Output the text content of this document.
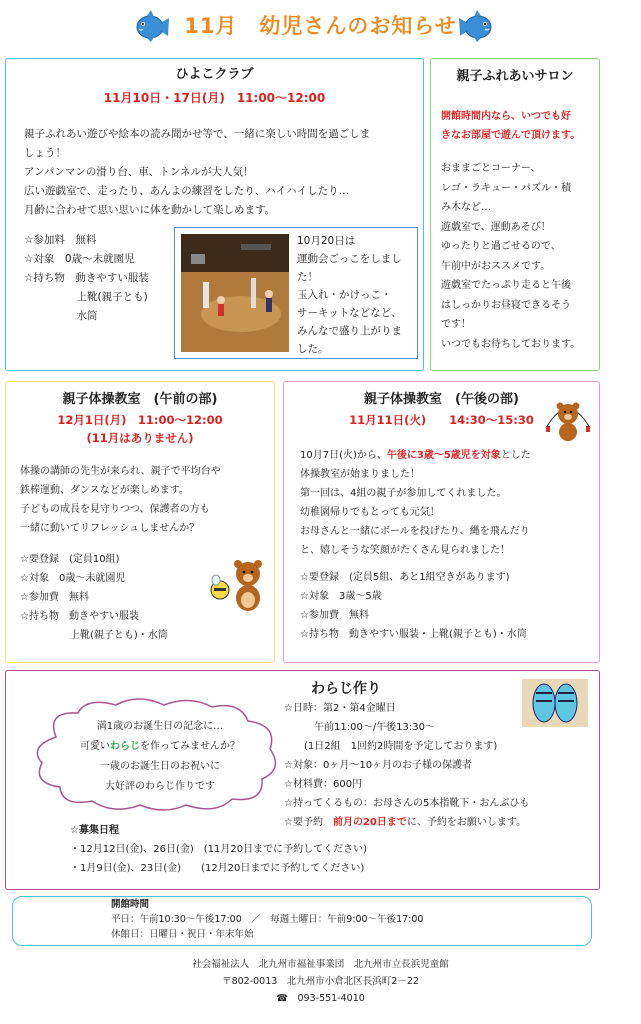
11月　幼児さんのお知らせ
ひよこクラブ
11月10日・17日(月)　11:00〜12:00

親子ふれあい遊びや絵本の読み聞かせ等で、一緒に楽しい時間を過ごしま

しょう！

アンパンマンの滑り台、車、トンネルが大人気！

広い遊戯室で、走ったり、あんよの練習をしたり、ハイハイしたり…

月齢に合わせて思い思いに体を動かして楽しめます。

☆参加料　無料

☆対象　0歳〜未就園児

☆持ち物　動きやすい服装

　　　　　上靴(親子とも)

　　　　　水筒

10月20日は

運動会ごっこをしまし

た！

玉入れ・かけっこ・

サーキットなどなど、

みんなで盛り上がりま

した。

親子ふれあいサロン

開館時間内なら、いつでも好

きなお部屋で遊んで頂けます。

おままごとコーナー、

レゴ・ラキュー・パズル・積

み木など…

遊戯室で、運動あそび！

ゆったりと過ごせるので、

午前中がおススメです。

遊戯室でたっぷり走ると午後

はしっかりお昼寝できるそう

です！

いつでもお待ちしております。

親子体操教室　(午前の部)
12月1日(月)　11:00〜12:00
(11月はありません)

体操の講師の先生が来られ、親子で平均台や

鉄棒運動、ダンスなどが楽しめます。

子どもの成長を見守りつつ、保護者の方も

一緒に動いてリフレッシュしませんか？

☆要登録　(定員10組)

☆対象　0歳〜未就園児

☆参加費　無料

☆持ち物　動きやすい服装

　　　　　上靴(親子とも)・水筒

親子体操教室　(午後の部)
11月11日(火)　　14:30〜15:30

10月7日(火)から、午後に3歳〜5歳児を対象とした

体操教室が始まりました！

第一回は、4組の親子が参加してくれました。

幼稚園帰りでもとっても元気！

お母さんと一緒にボールを投げたり、縄を飛んだり

と、嬉しそうな笑顔がたくさん見られました！

☆要登録　(定員5組、あと1組空きがあります)

☆対象　3歳〜5歳

☆参加費　無料

☆持ち物　動きやすい服装・上靴(親子とも)・水筒

わらじ作り

満1歳のお誕生日の記念に…

可愛いわらじを作ってみませんか？

一歳のお誕生日のお祝いに

大好評のわらじ作りです

☆日時：第2・第4金曜日

　　　午前11:00〜/午後13:30〜

　　(1日2組　1回約2時間を予定しております)

☆対象：0ヶ月〜10ヶ月のお子様の保護者

☆材料費：600円

☆持ってくるもの：お母さんの5本指靴下・おんぶひも

☆要予約　前月の20日までに、予約をお願いします。

☆募集日程

・12月12日(金)、26日(金)　(11月20日までに予約してください)

・1月9日(金)、23日(金)　　(12月20日までに予約してください)

開館時間
平日：午前10:30〜午後17:00　／　毎週土曜日：午前9:00〜午後17:00
休館日：日曜日・祝日・年末年始

社会福祉法人　北九州市福祉事業団　北九州市立長浜児童館

〒802-0013　北九州市小倉北区長浜町2－22

☎　093-551-4010
